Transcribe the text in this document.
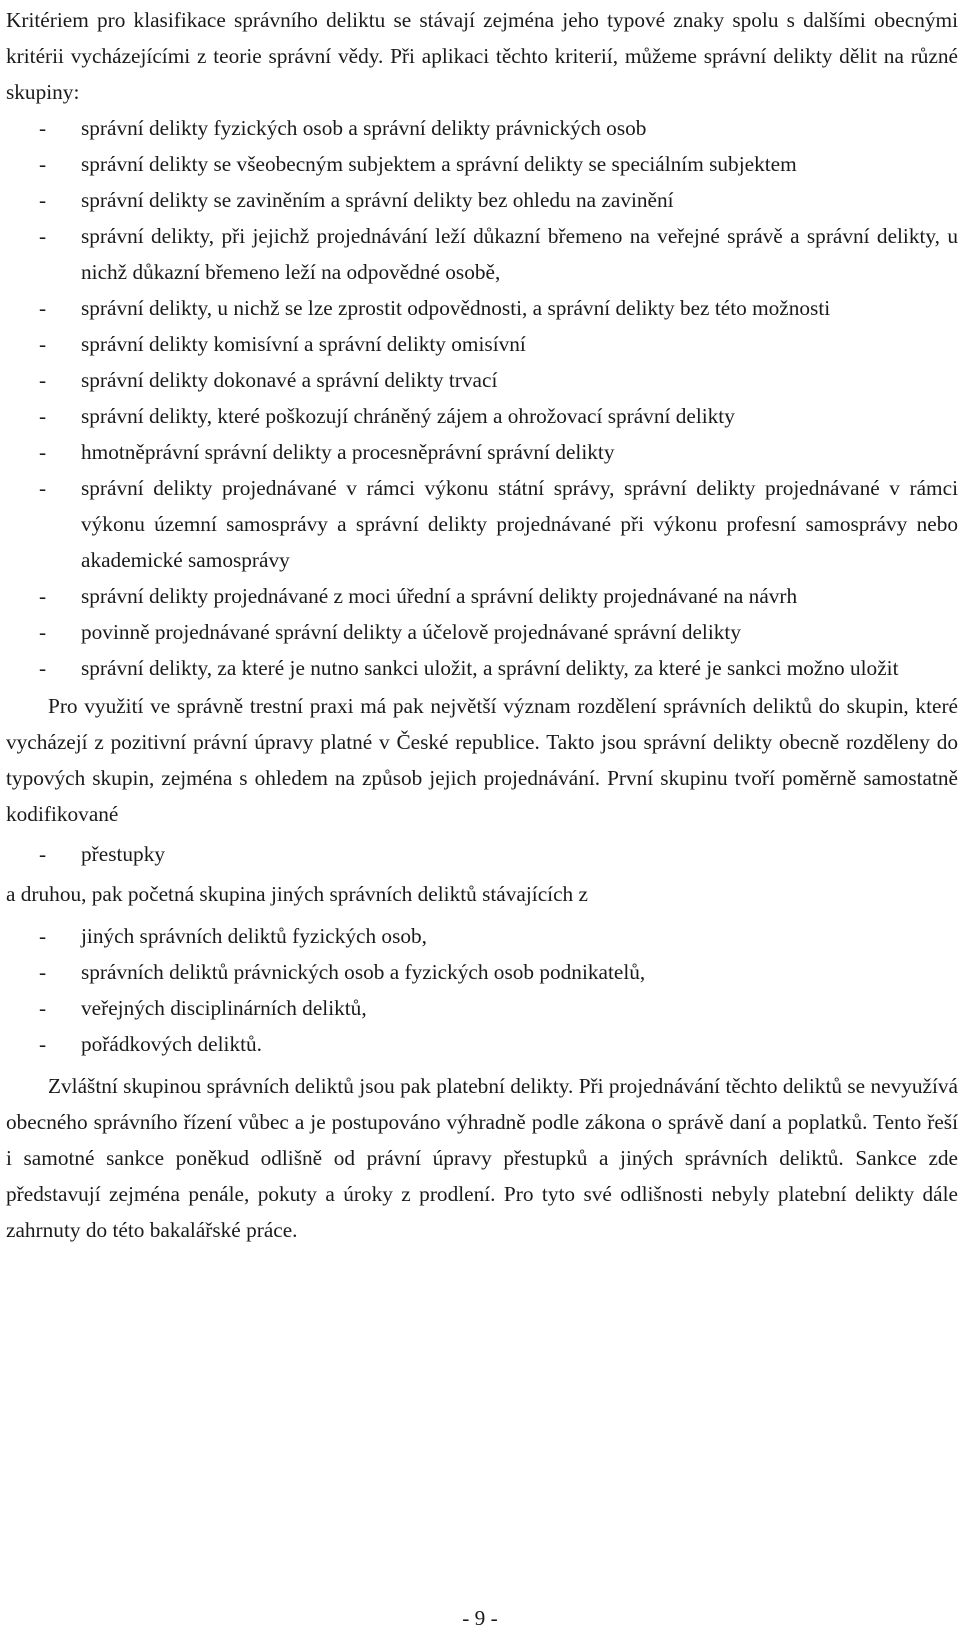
Kritériem pro klasifikace správního deliktu se stávají zejména jeho typové znaky spolu s dalšími obecnými kritérii vycházejícími z teorie správní vědy. Při aplikaci těchto kriterií, můžeme správní delikty dělit na různé skupiny:

- správní delikty fyzických osob a správní delikty právnických osob
- správní delikty se všeobecným subjektem a správní delikty se speciálním subjektem
- správní delikty se zaviněním a správní delikty bez ohledu na zavinění
- správní delikty, při jejichž projednávání leží důkazní břemeno na veřejné správě a správní delikty, u nichž důkazní břemeno leží na odpovědné osobě,
- správní delikty, u nichž se lze zprostit odpovědnosti, a správní delikty bez této možnosti
- správní delikty komisívní a správní delikty omisívní
- správní delikty dokonavé a správní delikty trvací
- správní delikty, které poškozují chráněný zájem a ohrožovací správní delikty
- hmotněprávní správní delikty a procesněprávní správní delikty
- správní delikty projednávané v rámci výkonu státní správy, správní delikty projednávané v rámci výkonu územní samosprávy a správní delikty projednávané při výkonu profesní samosprávy nebo akademické samosprávy
- správní delikty projednávané z moci úřední a správní delikty projednávané na návrh
- povinně projednávané správní delikty a účelově projednávané správní delikty
- správní delikty, za které je nutno sankci uložit, a správní delikty, za které je sankci možno uložit

Pro využití ve správně trestní praxi má pak největší význam rozdělení správních deliktů do skupin, které vycházejí z pozitivní právní úpravy platné v České republice. Takto jsou správní delikty obecně rozděleny do typových skupin, zejména s ohledem na způsob jejich projednávání. První skupinu tvoří poměrně samostatně kodifikované

- přestupky

a druhou, pak početná skupina jiných správních deliktů stávajících z

- jiných správních deliktů fyzických osob,
- správních deliktů právnických osob a fyzických osob podnikatelů,
- veřejných disciplinárních deliktů,
- pořádkových deliktů.

Zvláštní skupinou správních deliktů jsou pak platební delikty. Při projednávání těchto deliktů se nevyužívá obecného správního řízení vůbec a je postupováno výhradně podle zákona o správě daní a poplatků. Tento řeší i samotné sankce poněkud odlišně od právní úpravy přestupků a jiných správních deliktů. Sankce zde představují zejména penále, pokuty a úroky z prodlení. Pro tyto své odlišnosti nebyly platební delikty dále zahrnuty do této bakalářské práce.

- 9 -
